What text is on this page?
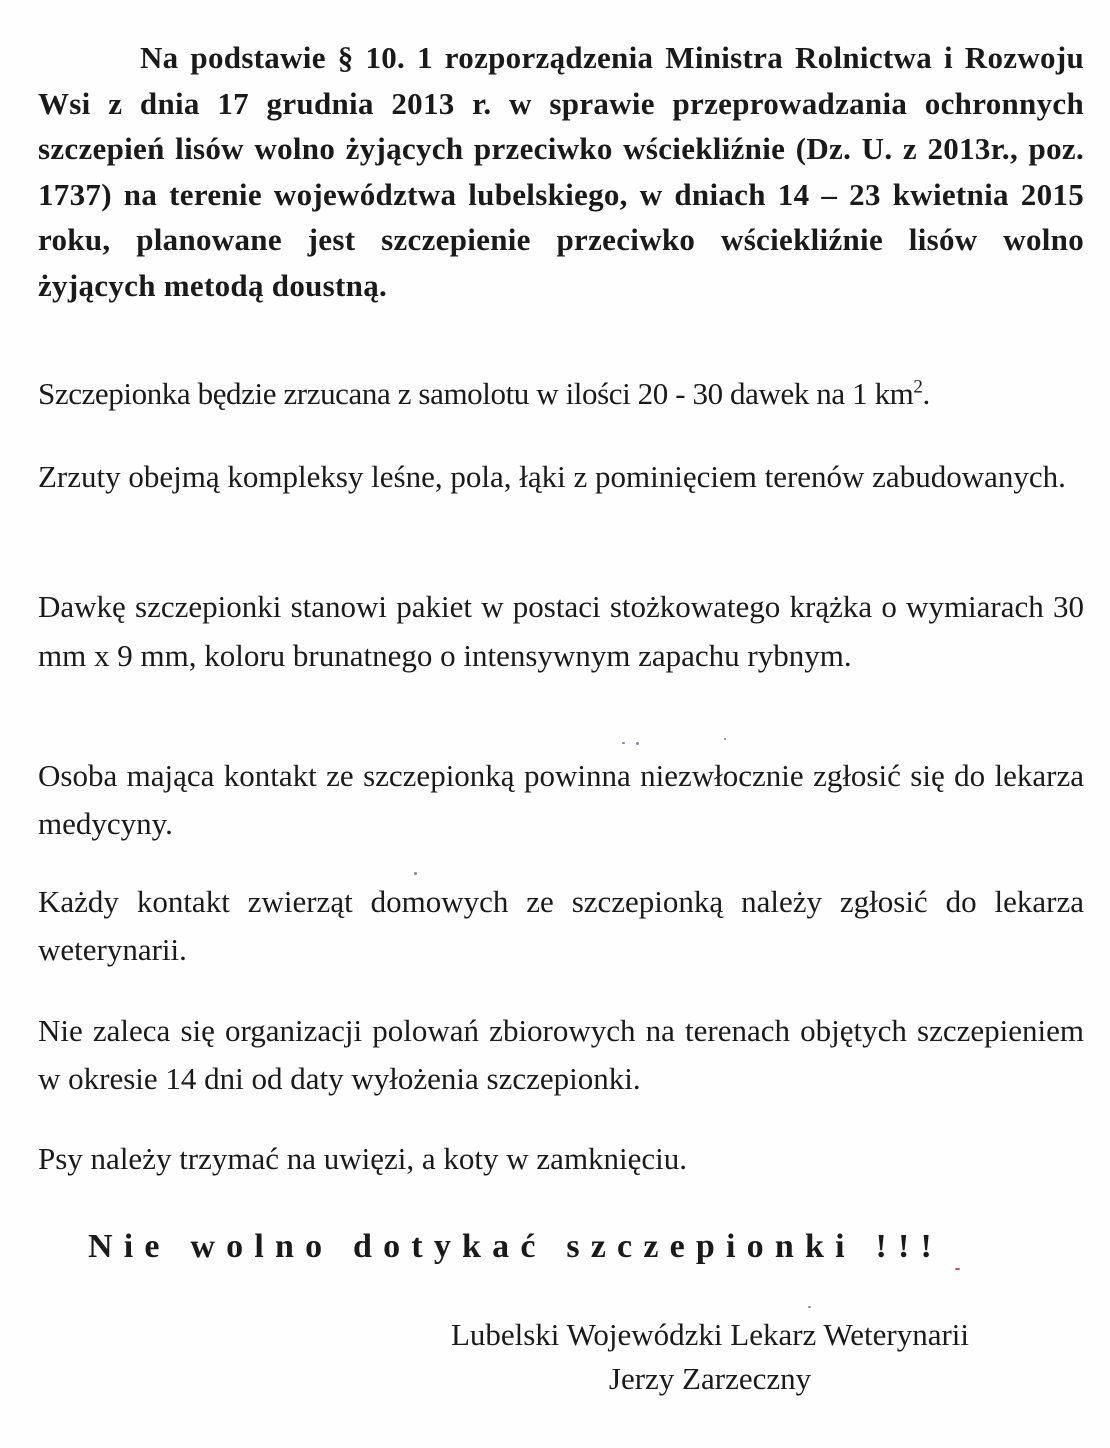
Na podstawie § 10. 1 rozporządzenia Ministra Rolnictwa i Rozwoju Wsi z dnia 17 grudnia 2013 r. w sprawie przeprowadzania ochronnych szczepień lisów wolno żyjących przeciwko wściekliźnie (Dz. U. z 2013r., poz. 1737) na terenie województwa lubelskiego, w dniach 14 – 23 kwietnia 2015 roku, planowane jest szczepienie przeciwko wściekliźnie lisów wolno żyjących metodą doustną.

Szczepionka będzie zrzucana z samolotu w ilości 20 - 30 dawek na 1 $km^2$.

Zrzuty obejmą kompleksy leśne, pola, łąki z pominięciem terenów zabudowanych.

Dawkę szczepionki stanowi pakiet w postaci stożkowatego krążka o wymiarach 30 mm x 9 mm, koloru brunatnego o intensywnym zapachu rybnym.

Osoba mająca kontakt ze szczepionką powinna niezwłocznie zgłosić się do lekarza medycyny.

Każdy kontakt zwierząt domowych ze szczepionką należy zgłosić do lekarza weterynarii.

Nie zaleca się organizacji polowań zbiorowych na terenach objętych szczepieniem w okresie 14 dni od daty wyłożenia szczepionki.

Psy należy trzymać na uwięzi, a koty w zamknięciu.

Nie wolno dotykać szczepionki !!!

Lubelski Wojewódzki Lekarz Weterynarii
Jerzy Zarzeczny
